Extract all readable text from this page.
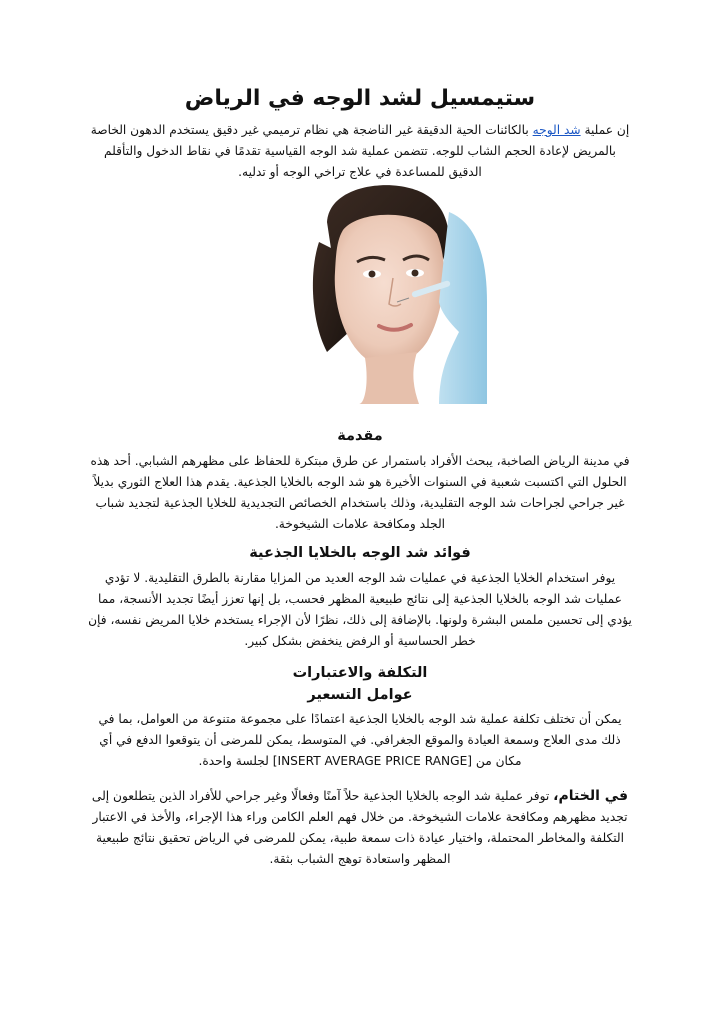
ستيمسيل لشد الوجه في الرياض
إن عملية شد الوجه بالكائنات الحية الدقيقة غير الناضجة هي نظام ترميمي غير دقيق يستخدم الدهون الخاصة بالمريض لإعادة الحجم الشاب للوجه. تتضمن عملية شد الوجه القياسية تقدمًا في نقاط الدخول والتأقلم الدقيق للمساعدة في علاج تراخي الوجه أو تدليه.
مقدمة
في مدينة الرياض الصاخبة، يبحث الأفراد باستمرار عن طرق مبتكرة للحفاظ على مظهرهم الشبابي. أحد هذه الحلول التي اكتسبت شعبية في السنوات الأخيرة هو شد الوجه بالخلايا الجذعية. يقدم هذا العلاج الثوري بديلاً غير جراحي لجراحات شد الوجه التقليدية، وذلك باستخدام الخصائص التجديدية للخلايا الجذعية لتجديد شباب الجلد ومكافحة علامات الشيخوخة.
فوائد شد الوجه بالخلايا الجذعية
يوفر استخدام الخلايا الجذعية في عمليات شد الوجه العديد من المزايا مقارنة بالطرق التقليدية. لا تؤدي عمليات شد الوجه بالخلايا الجذعية إلى نتائج طبيعية المظهر فحسب، بل إنها تعزز أيضًا تجديد الأنسجة، مما يؤدي إلى تحسين ملمس البشرة ولونها. بالإضافة إلى ذلك، نظرًا لأن الإجراء يستخدم خلايا المريض نفسه، فإن خطر الحساسية أو الرفض ينخفض بشكل كبير.
التكلفة والاعتبارات
عوامل التسعير
يمكن أن تختلف تكلفة عملية شد الوجه بالخلايا الجذعية اعتمادًا على مجموعة متنوعة من العوامل، بما في ذلك مدى العلاج وسمعة العيادة والموقع الجغرافي. في المتوسط، يمكن للمرضى أن يتوقعوا الدفع في أي مكان من [INSERT AVERAGE PRICE RANGE] لجلسة واحدة.
في الختام، توفر عملية شد الوجه بالخلايا الجذعية حلاً آمنًا وفعالًا وغير جراحي للأفراد الذين يتطلعون إلى تجديد مظهرهم ومكافحة علامات الشيخوخة. من خلال فهم العلم الكامن وراء هذا الإجراء، والأخذ في الاعتبار التكلفة والمخاطر المحتملة، واختيار عيادة ذات سمعة طبية، يمكن للمرضى في الرياض تحقيق نتائج طبيعية المظهر واستعادة توهج الشباب بثقة.
